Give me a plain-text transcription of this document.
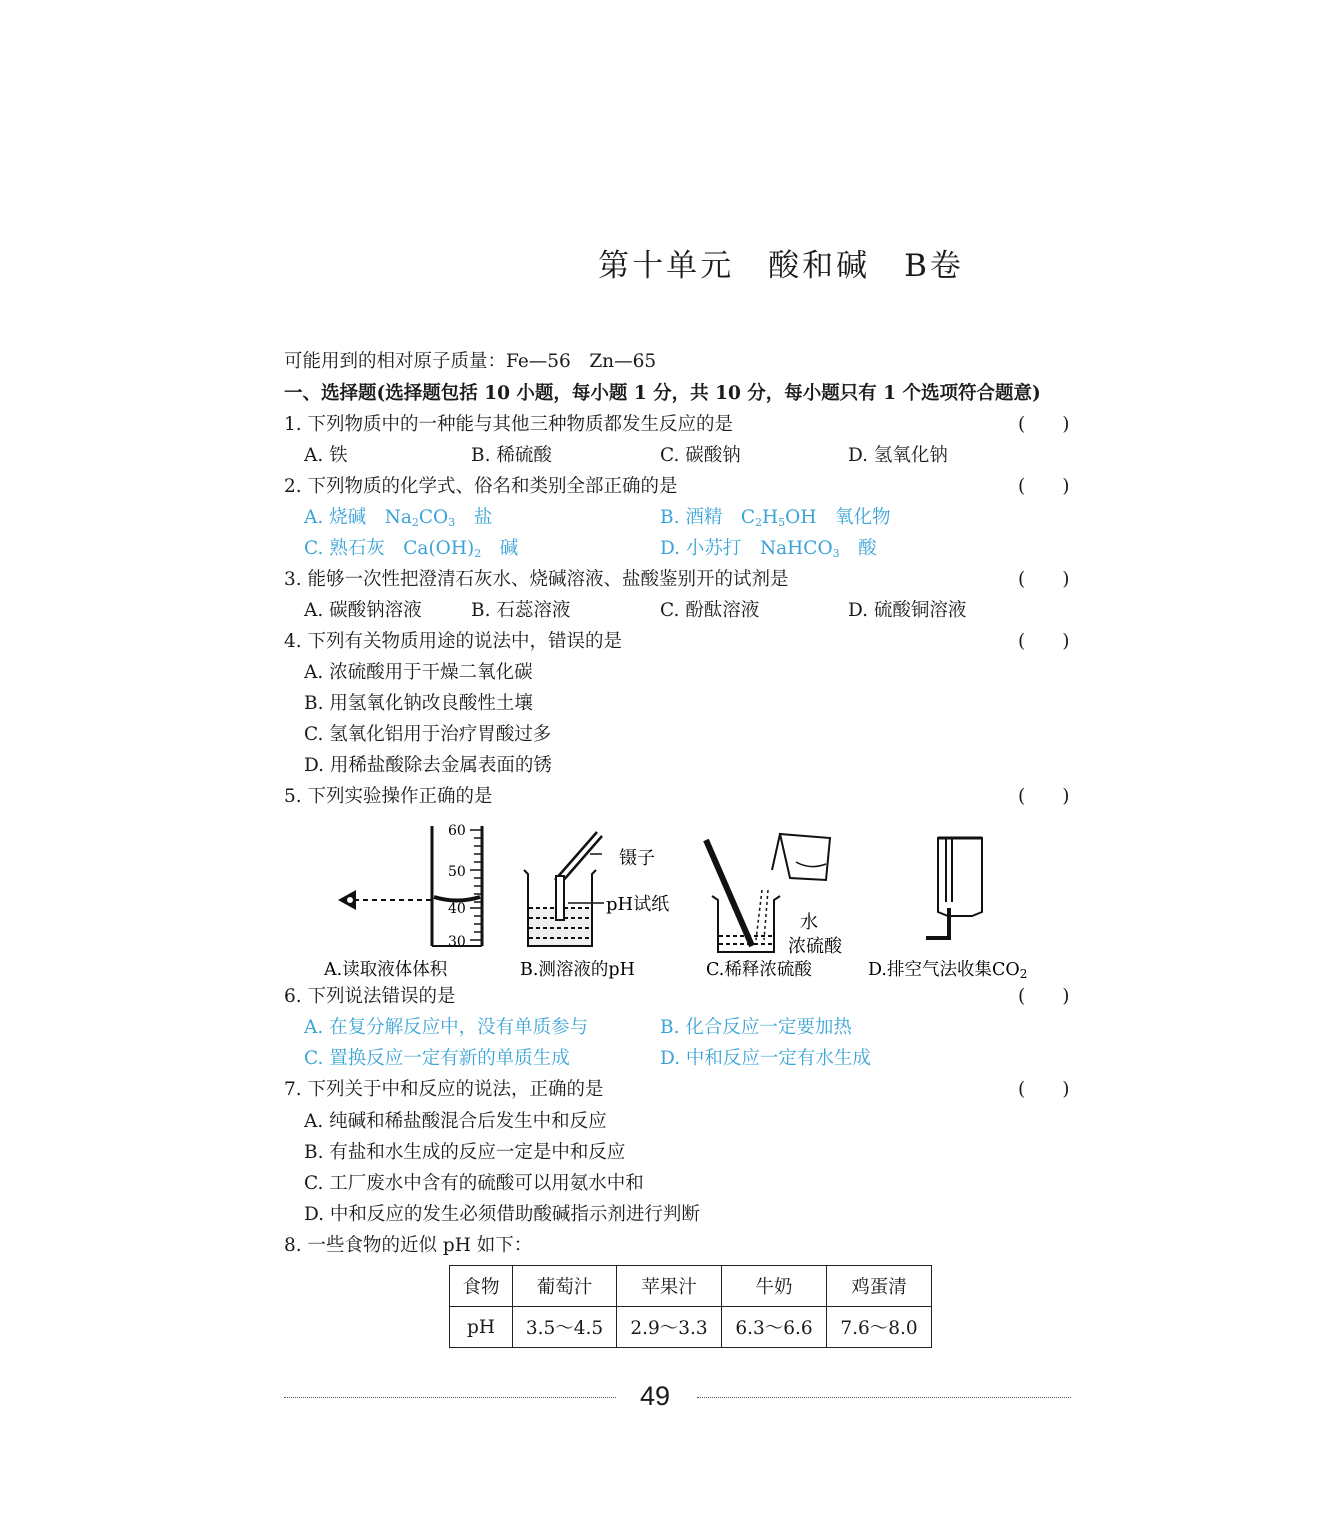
第十单元　酸和碱　B卷
可能用到的相对原子质量：Fe—56　Zn—65
一、选择题(选择题包括 10 小题，每小题 1 分，共 10 分，每小题只有 1 个选项符合题意)
1. 下列物质中的一种能与其他三种物质都发生反应的是	(　　)
A. 铁	B. 稀硫酸	C. 碳酸钠	D. 氢氧化钠
2. 下列物质的化学式、俗名和类别全部正确的是	(　　)
A. 烧碱　 $Na_2CO_3$　 盐	B. 酒精　 $C_2H_5OH$　 氧化物
C. 熟石灰　 $Ca(OH)_2$　 碱	D. 小苏打　 NaHCO$_3$　 酸
3. 能够一次性把澄清石灰水、烧碱溶液、盐酸鉴别开的试剂是	(　　)
A. 碳酸钠溶液	B. 石蕊溶液	C. 酚酞溶液	D. 硫酸铜溶液
4. 下列有关物质用途的说法中，错误的是	(　　)
A. 浓硫酸用于干燥二氧化碳
B. 用氢氧化钠改良酸性土壤
C. 氢氧化铝用于治疗胃酸过多
D. 用稀盐酸除去金属表面的锈
5. 下列实验操作正确的是	(　　)
60
50
40
30
镊子
pH试纸
水
浓硫酸
A.读取液体体积	B.测溶液的pH	C.稀释浓硫酸	D.排空气法收集CO2
6. 下列说法错误的是	(　　)
A. 在复分解反应中，没有单质参与	B. 化合反应一定要加热
C. 置换反应一定有新的单质生成	D. 中和反应一定有水生成
7. 下列关于中和反应的说法，正确的是	(　　)
A. 纯碱和稀盐酸混合后发生中和反应
B. 有盐和水生成的反应一定是中和反应
C. 工厂废水中含有的硫酸可以用氨水中和
D. 中和反应的发生必须借助酸碱指示剂进行判断
8. 一些食物的近似 pH 如下：
食物	葡萄汁	苹果汁	牛奶	鸡蛋清
pH	3.5～4.5	2.9～3.3	6.3～6.6	7.6～8.0
49
